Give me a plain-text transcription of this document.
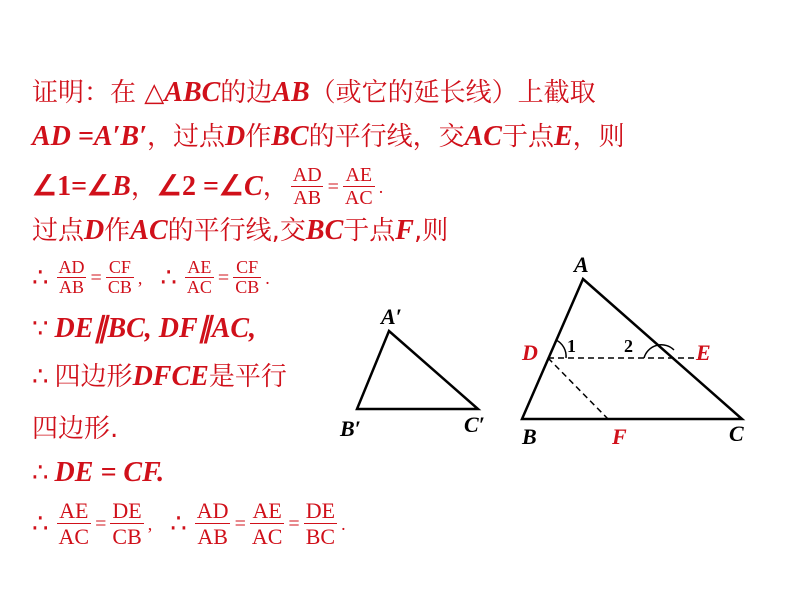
证明：在 △ ABC 的边 AB （或它的延长线）上截取
AD =A′B′ ，过点 D 作 BC 的平行线，交 AC 于点 E ，则
∠1=∠ B ， ∠2 =∠ C ， $\frac{AD}{AB} = \frac{AE}{AC}$ .
过点 D 作 AC 的平行线,交 BC 于点 F ,则
∴ $\frac{AD}{AB} = \frac{CF}{CB}$ , ∴ $\frac{AE}{AC} = \frac{CF}{CB}$ .
∵ DE∥BC, DF∥AC,
∴ 四边形 DFCE 是平行
四边形.
∴ DE = CF.
∴ $\frac{AE}{AC} = \frac{DE}{CB}$ , ∴ $\frac{AD}{AB} = \frac{AE}{AC} = \frac{DE}{BC}$ .
A′
B′	C′
A
B	C
D	E
F
1	2
